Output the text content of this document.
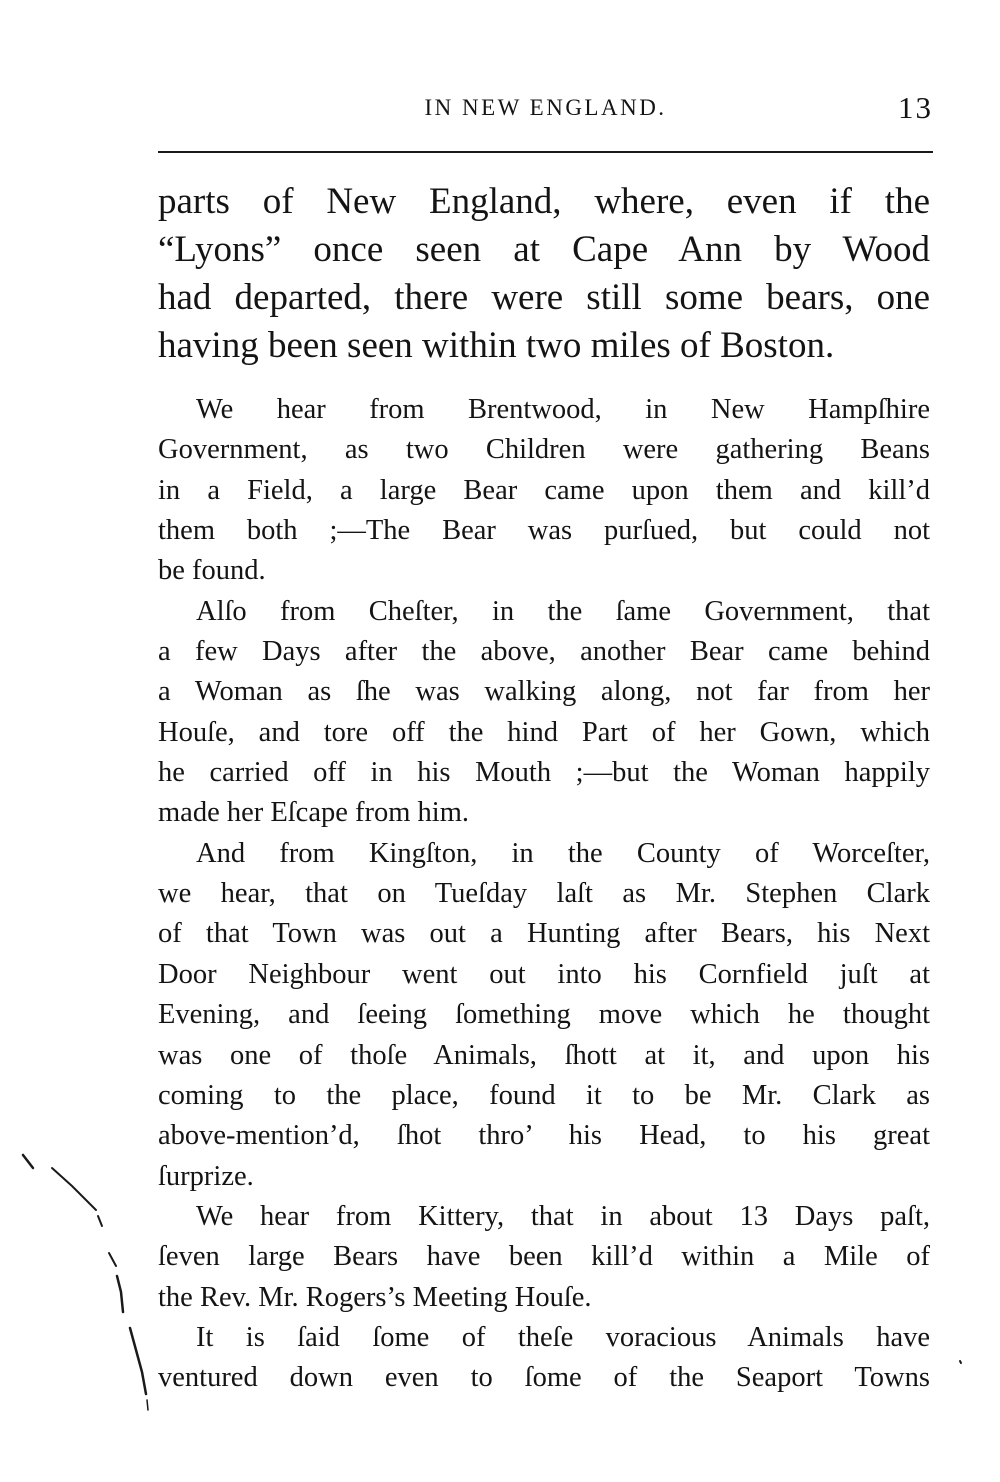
IN NEW ENGLAND.	13
parts of New England, where, even if the
“Lyons” once seen at Cape Ann by Wood
had departed, there were still some bears, one
having been seen within two miles of Boston.
We hear from Brentwood, in New Hampſhire
Government, as two Children were gathering Beans
in a Field, a large Bear came upon them and kill’d
them both ;—The Bear was purſued, but could not
be found.
Alſo from Cheſter, in the ſame Government, that
a few Days after the above, another Bear came behind
a Woman as ſhe was walking along, not far from her
Houſe, and tore off the hind Part of her Gown, which
he carried off in his Mouth ;—but the Woman happily
made her Eſcape from him.
And from Kingſton, in the County of Worceſter,
we hear, that on Tueſday laſt as Mr. Stephen Clark
of that Town was out a Hunting after Bears, his Next
Door Neighbour went out into his Cornfield juſt at
Evening, and ſeeing ſomething move which he thought
was one of thoſe Animals, ſhott at it, and upon his
coming to the place, found it to be Mr. Clark as
above-mention’d, ſhot thro’ his Head, to his great
ſurprize.
We hear from Kittery, that in about 13 Days paſt,
ſeven large Bears have been kill’d within a Mile of
the Rev. Mr. Rogers’s Meeting Houſe.
It is ſaid ſome of theſe voracious Animals have
ventured down even to ſome of the Seaport Towns
